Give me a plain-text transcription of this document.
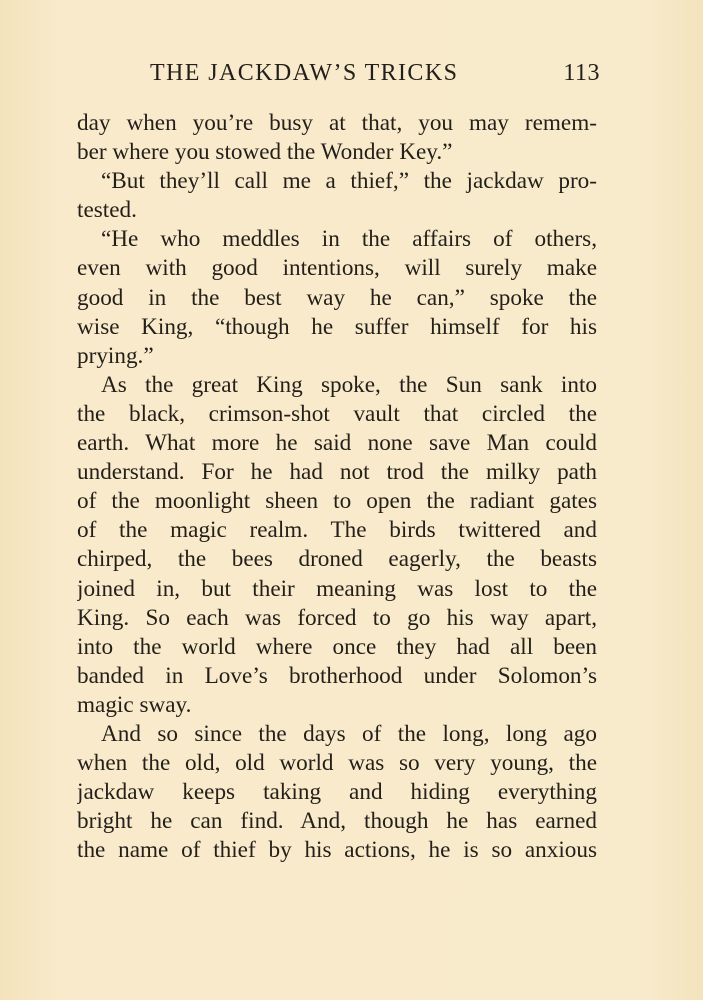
THE JACKDAW’S TRICKS	113
day when you’re busy at that, you may remem-
ber where you stowed the Wonder Key.”
“But they’ll call me a thief,” the jackdaw pro-
tested.
“He who meddles in the affairs of others,
even with good intentions, will surely make
good in the best way he can,” spoke the
wise King, “though he suffer himself for his
prying.”
As the great King spoke, the Sun sank into
the black, crimson-shot vault that circled the
earth. What more he said none save Man could
understand. For he had not trod the milky path
of the moonlight sheen to open the radiant gates
of the magic realm. The birds twittered and
chirped, the bees droned eagerly, the beasts
joined in, but their meaning was lost to the
King. So each was forced to go his way apart,
into the world where once they had all been
banded in Love’s brotherhood under Solomon’s
magic sway.
And so since the days of the long, long ago
when the old, old world was so very young, the
jackdaw keeps taking and hiding everything
bright he can find. And, though he has earned
the name of thief by his actions, he is so anxious
